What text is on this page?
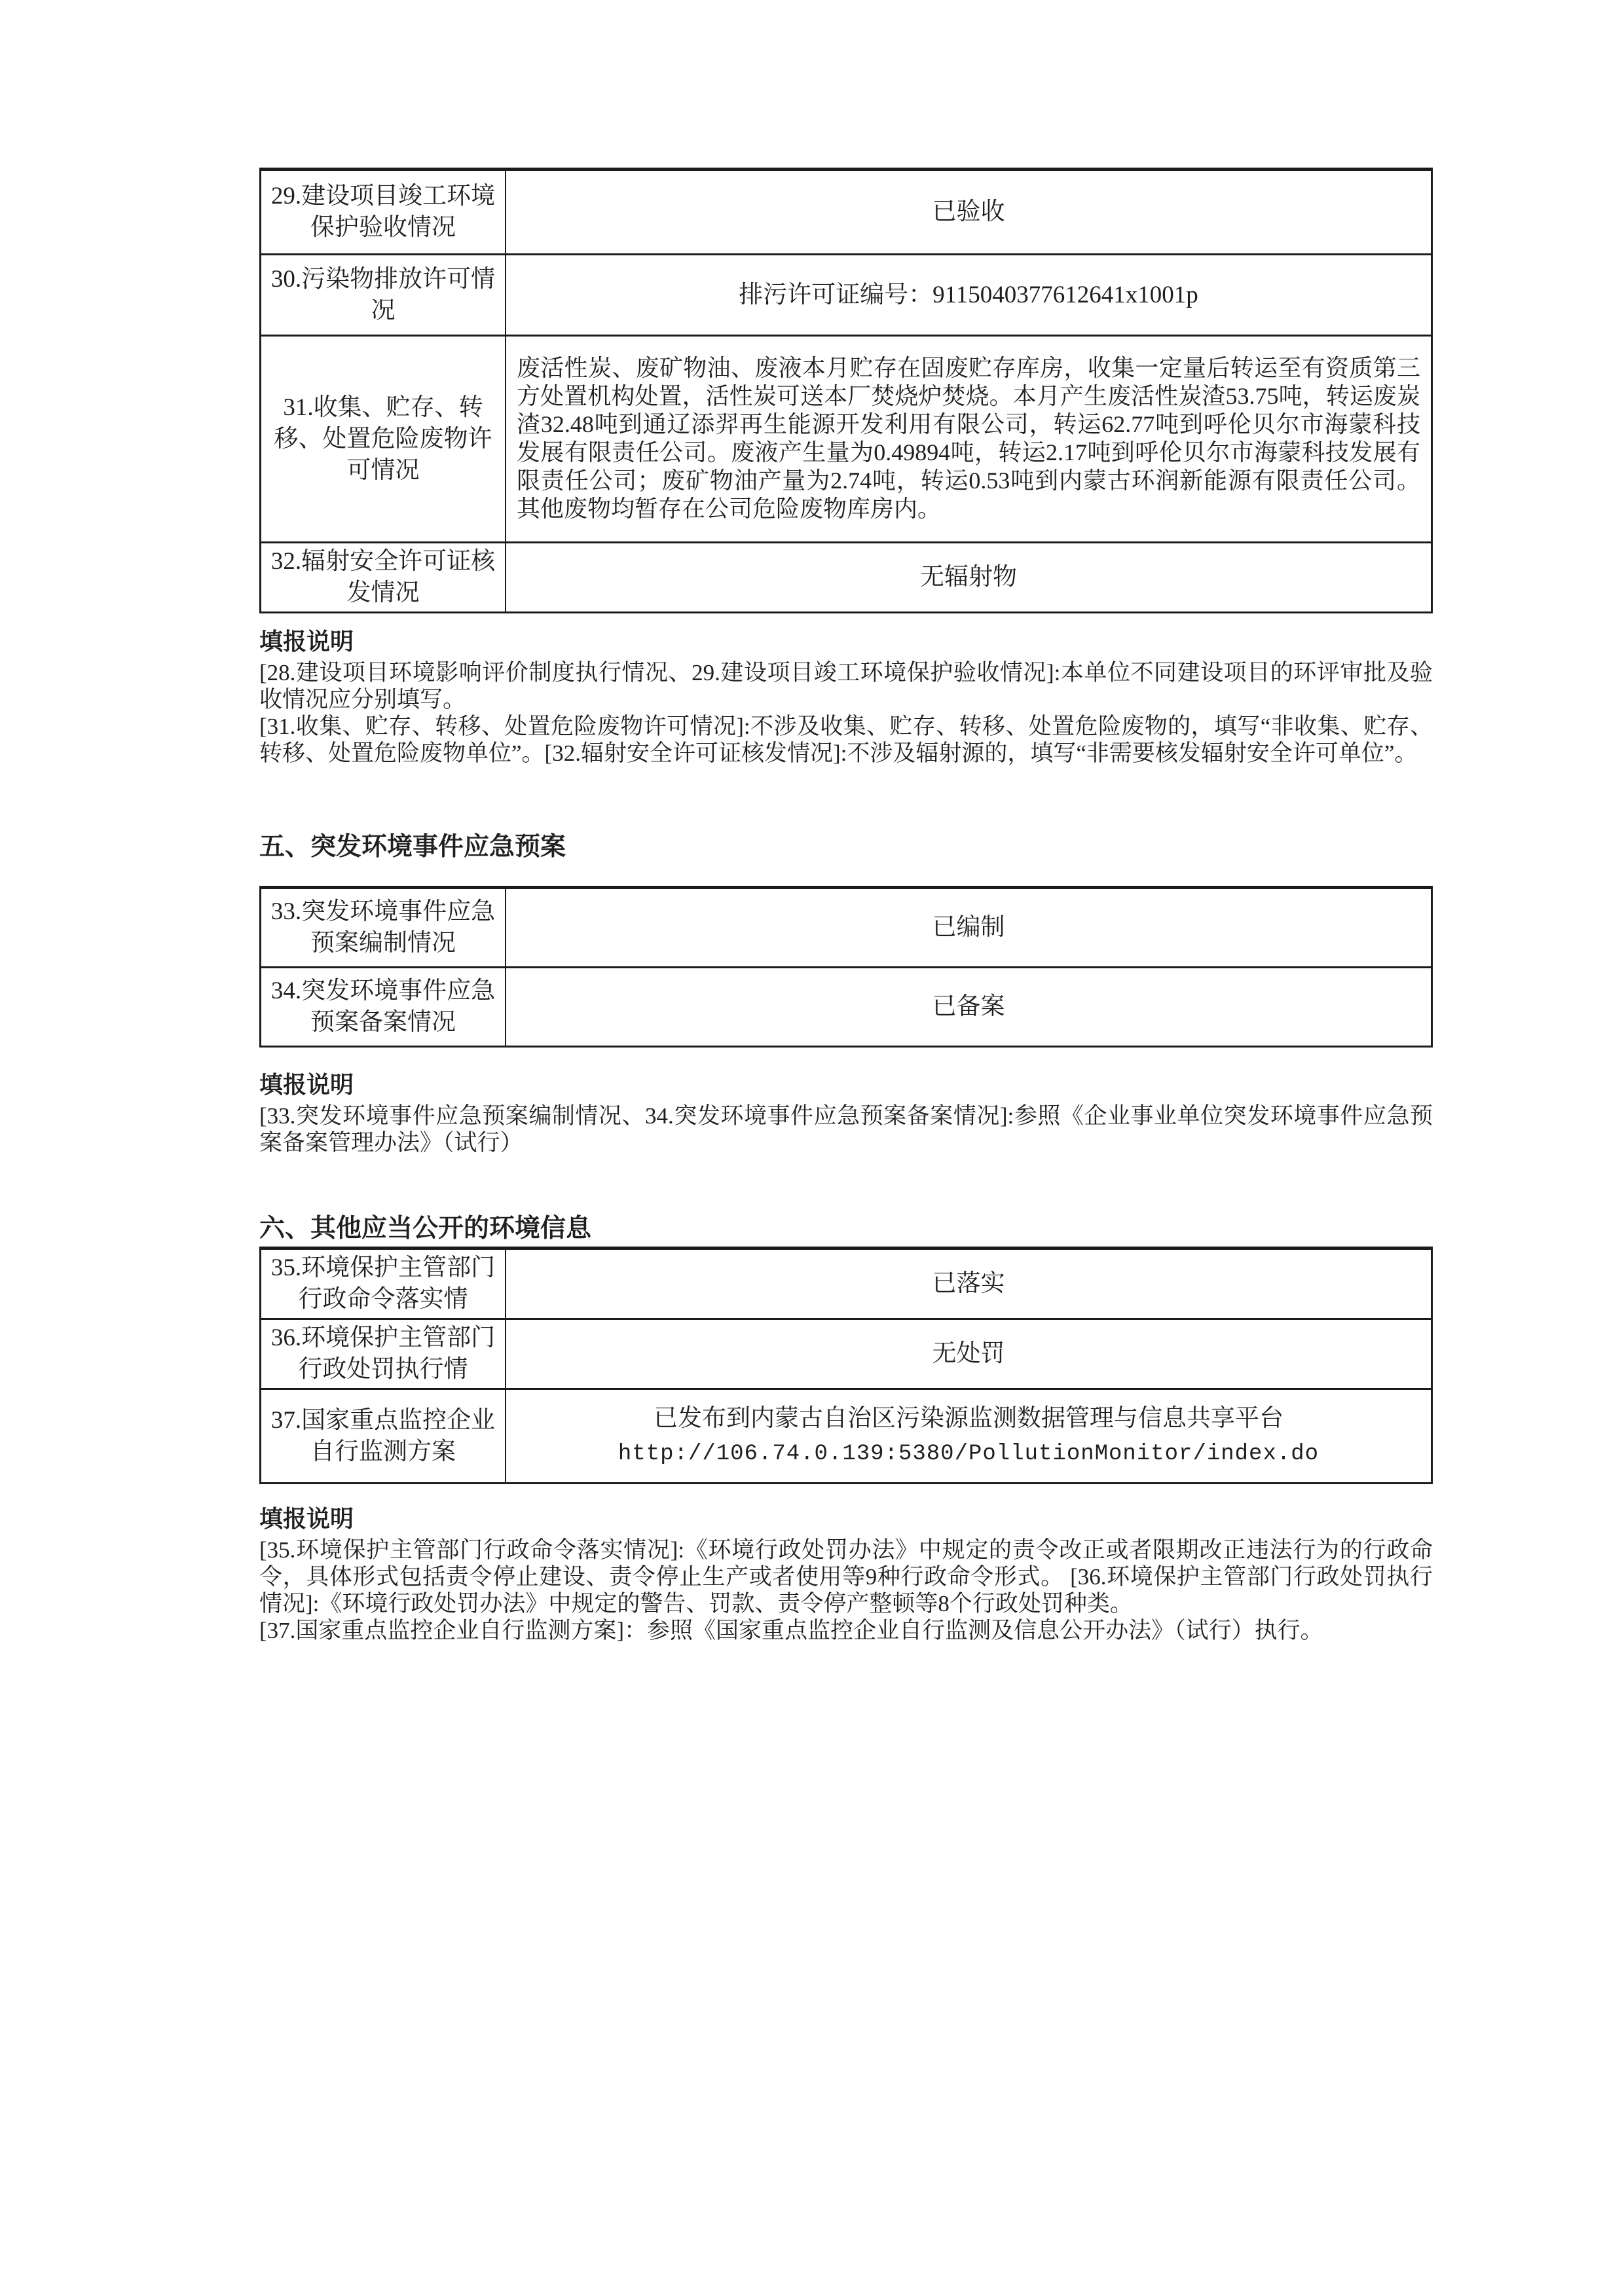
29.建设项目竣工环境保护验收情况	已验收
30.污染物排放许可情况	排污许可证编号：9115040377612641x1001p
31.收集、贮存、转移、处置危险废物许可情况	废活性炭、废矿物油、废液本月贮存在固废贮存库房，收集一定量后转运至有资质第三方处置机构处置，活性炭可送本厂焚烧炉焚烧。本月产生废活性炭渣53.75吨，转运废炭渣32.48吨到通辽添羿再生能源开发利用有限公司，转运62.77吨到呼伦贝尔市海蒙科技发展有限责任公司。废液产生量为0.49894吨，转运2.17吨到呼伦贝尔市海蒙科技发展有限责任公司；废矿物油产量为2.74吨，转运0.53吨到内蒙古环润新能源有限责任公司。其他废物均暂存在公司危险废物库房内。
32.辐射安全许可证核发情况	无辐射物
填报说明

[28.建设项目环境影响评价制度执行情况、29.建设项目竣工环境保护验收情况]:本单位不同建设项目的环评审批及验收情况应分别填写。

[31.收集、贮存、转移、处置危险废物许可情况]:不涉及收集、贮存、转移、处置危险废物的，填写“非收集、贮存、转移、处置危险废物单位”。[32.辐射安全许可证核发情况]:不涉及辐射源的，填写“非需要核发辐射安全许可单位”。

五、突发环境事件应急预案
33.突发环境事件应急预案编制情况	已编制
34.突发环境事件应急预案备案情况	已备案
填报说明

[33.突发环境事件应急预案编制情况、34.突发环境事件应急预案备案情况]:参照《企业事业单位突发环境事件应急预案备案管理办法》（试行）

六、其他应当公开的环境信息
35.环境保护主管部门行政命令落实情	已落实
36.环境保护主管部门行政处罚执行情	无处罚
37.国家重点监控企业自行监测方案	已发布到内蒙古自治区污染源监测数据管理与信息共享平台
http://106.74.0.139:5380/PollutionMonitor/index.do
填报说明

[35.环境保护主管部门行政命令落实情况]:《环境行政处罚办法》中规定的责令改正或者限期改正违法行为的行政命令，具体形式包括责令停止建设、责令停止生产或者使用等9种行政命令形式。 [36.环境保护主管部门行政处罚执行情况]:《环境行政处罚办法》中规定的警告、罚款、责令停产整顿等8个行政处罚种类。

[37.国家重点监控企业自行监测方案]：参照《国家重点监控企业自行监测及信息公开办法》（试行）执行。
